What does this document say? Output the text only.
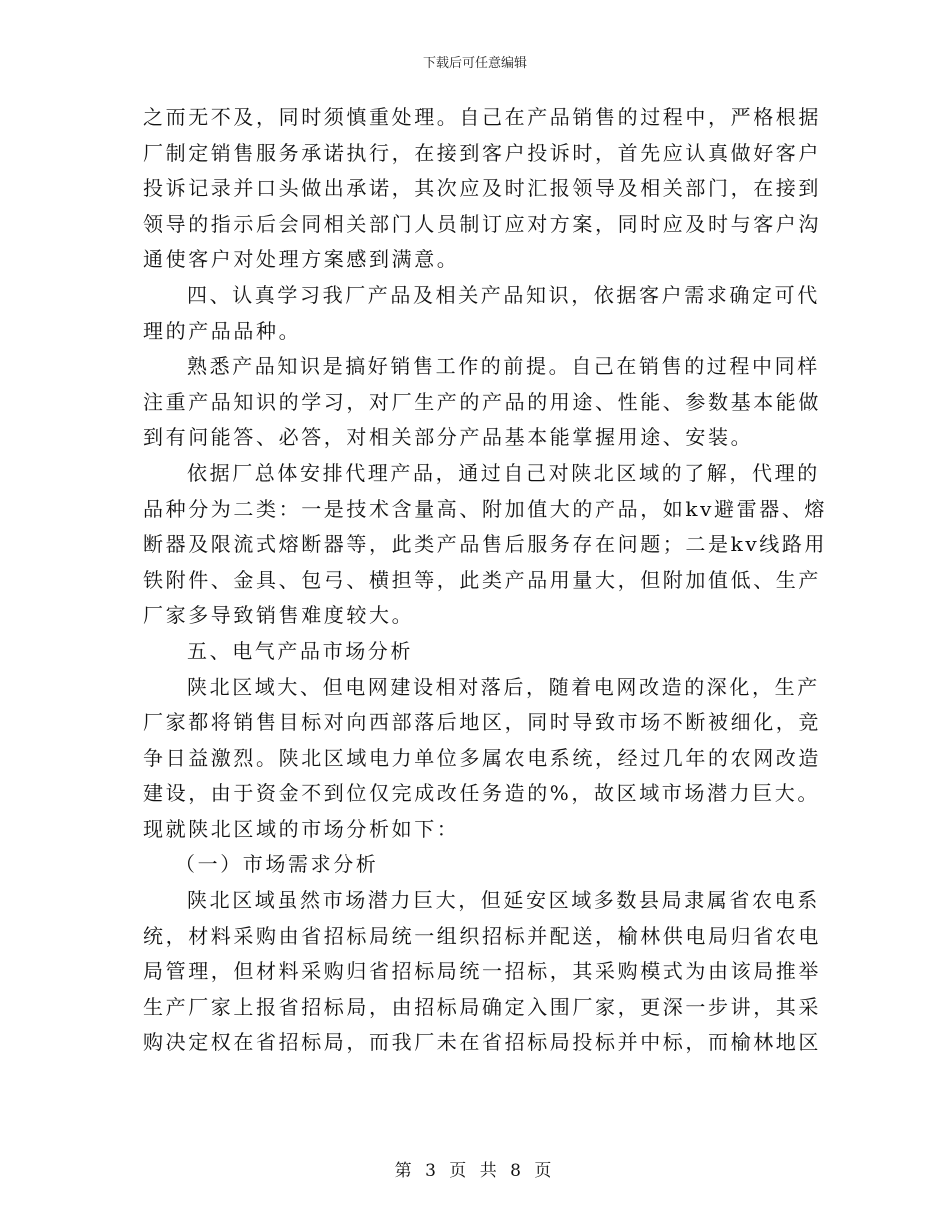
下载后可任意编辑
之而无不及，同时须慎重处理。自己在产品销售的过程中，严格根据
厂制定销售服务承诺执行，在接到客户投诉时，首先应认真做好客户
投诉记录并口头做出承诺，其次应及时汇报领导及相关部门，在接到
领导的指示后会同相关部门人员制订应对方案，同时应及时与客户沟
通使客户对处理方案感到满意。
四、认真学习我厂产品及相关产品知识，依据客户需求确定可代
理的产品品种。
熟悉产品知识是搞好销售工作的前提。自己在销售的过程中同样
注重产品知识的学习，对厂生产的产品的用途、性能、参数基本能做
到有问能答、必答，对相关部分产品基本能掌握用途、安装。
依据厂总体安排代理产品，通过自己对陕北区域的了解，代理的
品种分为二类：一是技术含量高、附加值大的产品，如kv避雷器、熔
断器及限流式熔断器等，此类产品售后服务存在问题；二是kv线路用
铁附件、金具、包弓、横担等，此类产品用量大，但附加值低、生产
厂家多导致销售难度较大。
五、电气产品市场分析
陕北区域大、但电网建设相对落后，随着电网改造的深化，生产
厂家都将销售目标对向西部落后地区，同时导致市场不断被细化，竞
争日益激烈。陕北区域电力单位多属农电系统，经过几年的农网改造
建设，由于资金不到位仅完成改任务造的%，故区域市场潜力巨大。
现就陕北区域的市场分析如下：
（一）市场需求分析
陕北区域虽然市场潜力巨大，但延安区域多数县局隶属省农电系
统，材料采购由省招标局统一组织招标并配送，榆林供电局归省农电
局管理，但材料采购归省招标局统一招标，其采购模式为由该局推举
生产厂家上报省招标局，由招标局确定入围厂家，更深一步讲，其采
购决定权在省招标局，而我厂未在省招标局投标并中标，而榆林地区
第 3 页 共 8 页
